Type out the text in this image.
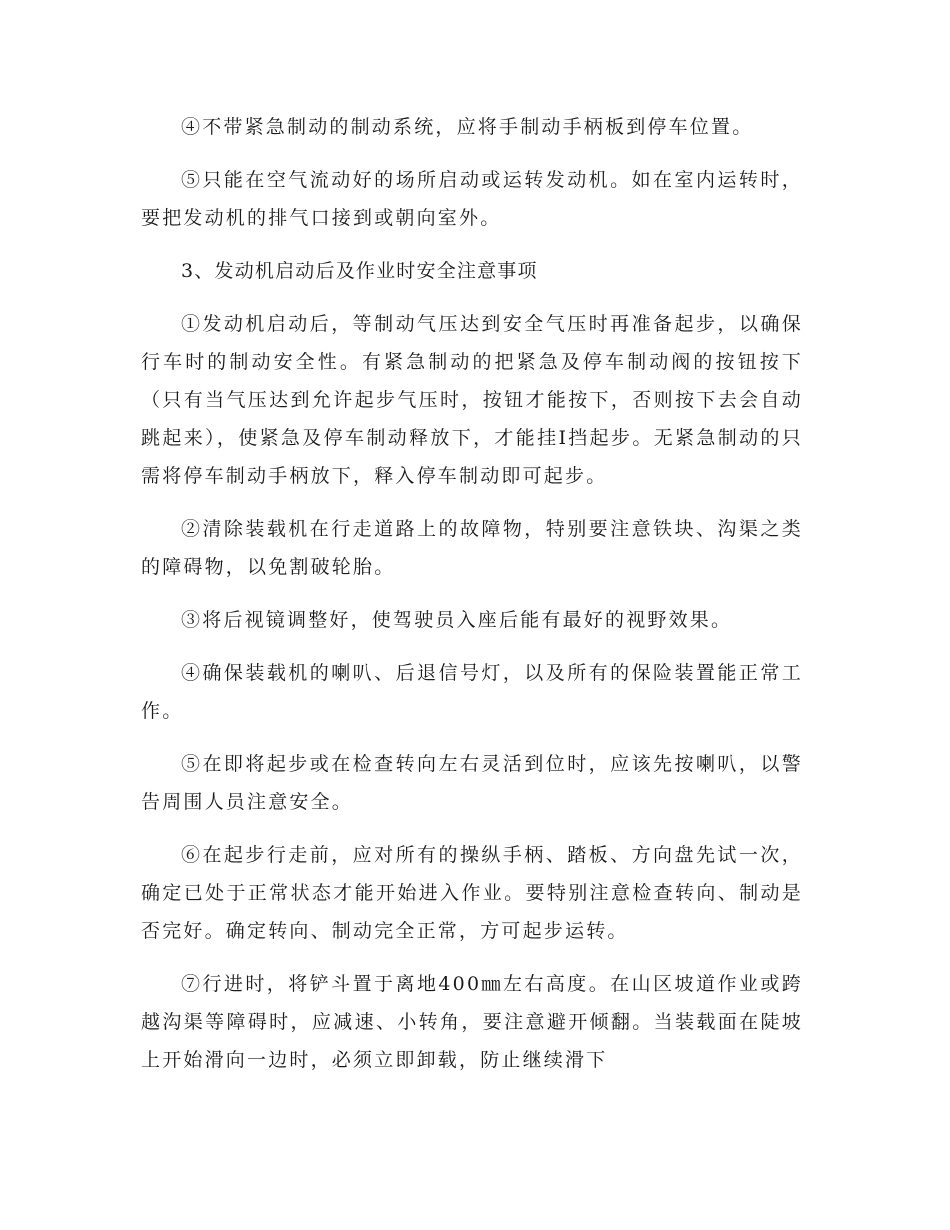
④不带紧急制动的制动系统，应将手制动手柄板到停车位置。

⑤只能在空气流动好的场所启动或运转发动机。如在室内运转时，要把发动机的排气口接到或朝向室外。

3、发动机启动后及作业时安全注意事项

①发动机启动后，等制动气压达到安全气压时再准备起步，以确保行车时的制动安全性。有紧急制动的把紧急及停车制动阀的按钮按下（只有当气压达到允许起步气压时，按钮才能按下，否则按下去会自动跳起来），使紧急及停车制动释放下，才能挂Ⅰ挡起步。无紧急制动的只需将停车制动手柄放下，释入停车制动即可起步。

②清除装载机在行走道路上的故障物，特别要注意铁块、沟渠之类的障碍物，以免割破轮胎。

③将后视镜调整好，使驾驶员入座后能有最好的视野效果。

④确保装载机的喇叭、后退信号灯，以及所有的保险装置能正常工作。

⑤在即将起步或在检查转向左右灵活到位时，应该先按喇叭，以警告周围人员注意安全。

⑥在起步行走前，应对所有的操纵手柄、踏板、方向盘先试一次，确定已处于正常状态才能开始进入作业。要特别注意检查转向、制动是否完好。确定转向、制动完全正常，方可起步运转。

⑦行进时，将铲斗置于离地400㎜左右高度。在山区坡道作业或跨越沟渠等障碍时，应减速、小转角，要注意避开倾翻。当装载面在陡坡上开始滑向一边时，必须立即卸载，防止继续滑下
